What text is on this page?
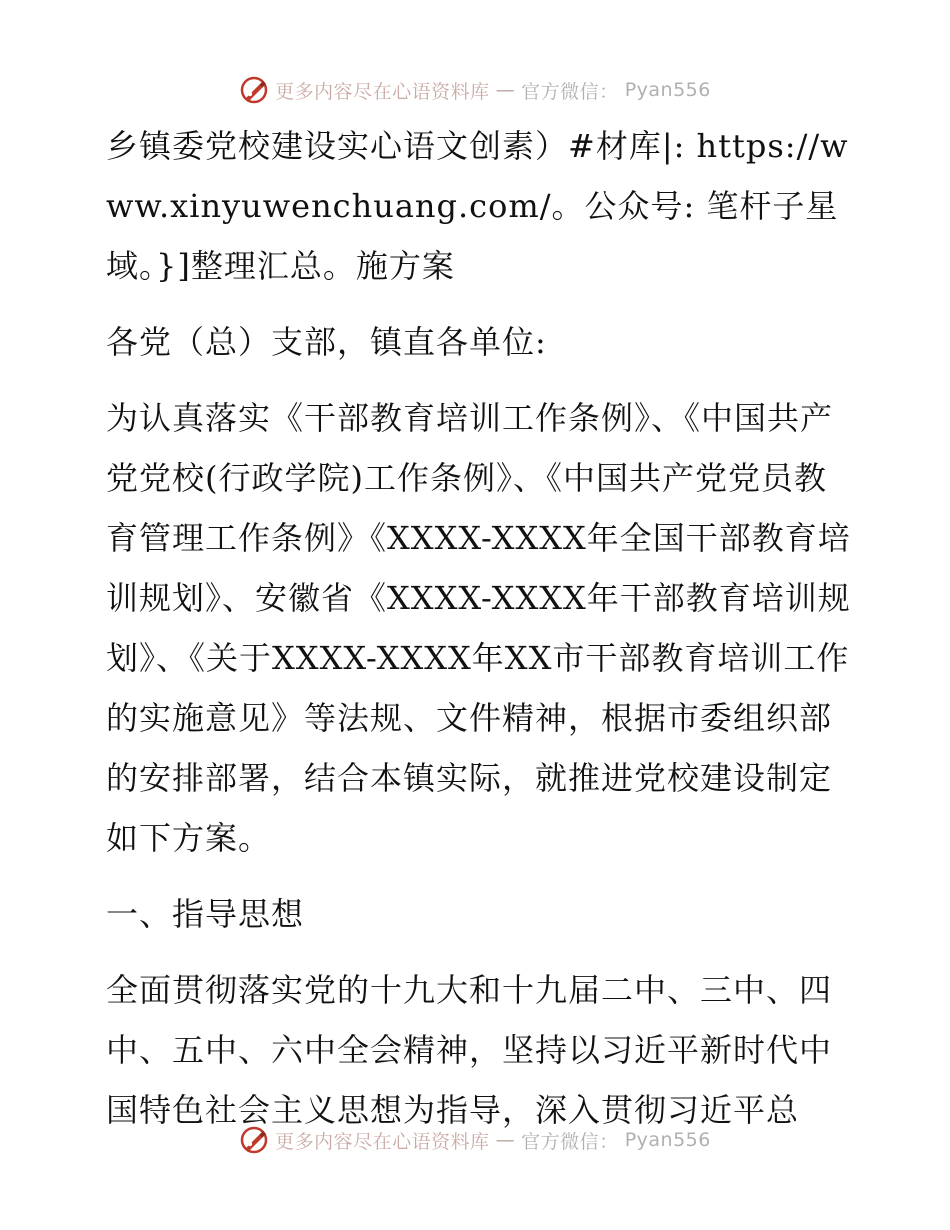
更多内容尽在心语资料库 — 官方微信： Pyan556

乡镇委党校建设实心语文创素）#材库|: https://www.xinyuwenchuang.com/。公众号: 笔杆子星域。}]整理汇总。施方案

各党（总）支部，镇直各单位:

为认真落实《干部教育培训工作条例》、《中国共产党党校(行政学院)工作条例》、《中国共产党党员教育管理工作条例》《XXXX-XXXX年全国干部教育培训规划》、安徽省《XXXX-XXXX年干部教育培训规划》、《关于XXXX-XXXX年XX市干部教育培训工作的实施意见》等法规、文件精神，根据市委组织部的安排部署，结合本镇实际，就推进党校建设制定如下方案。

一、指导思想

全面贯彻落实党的十九大和十九届二中、三中、四中、五中、六中全会精神，坚持以习近平新时代中国特色社会主义思想为指导，深入贯彻习近平总

更多内容尽在心语资料库 — 官方微信： Pyan556
